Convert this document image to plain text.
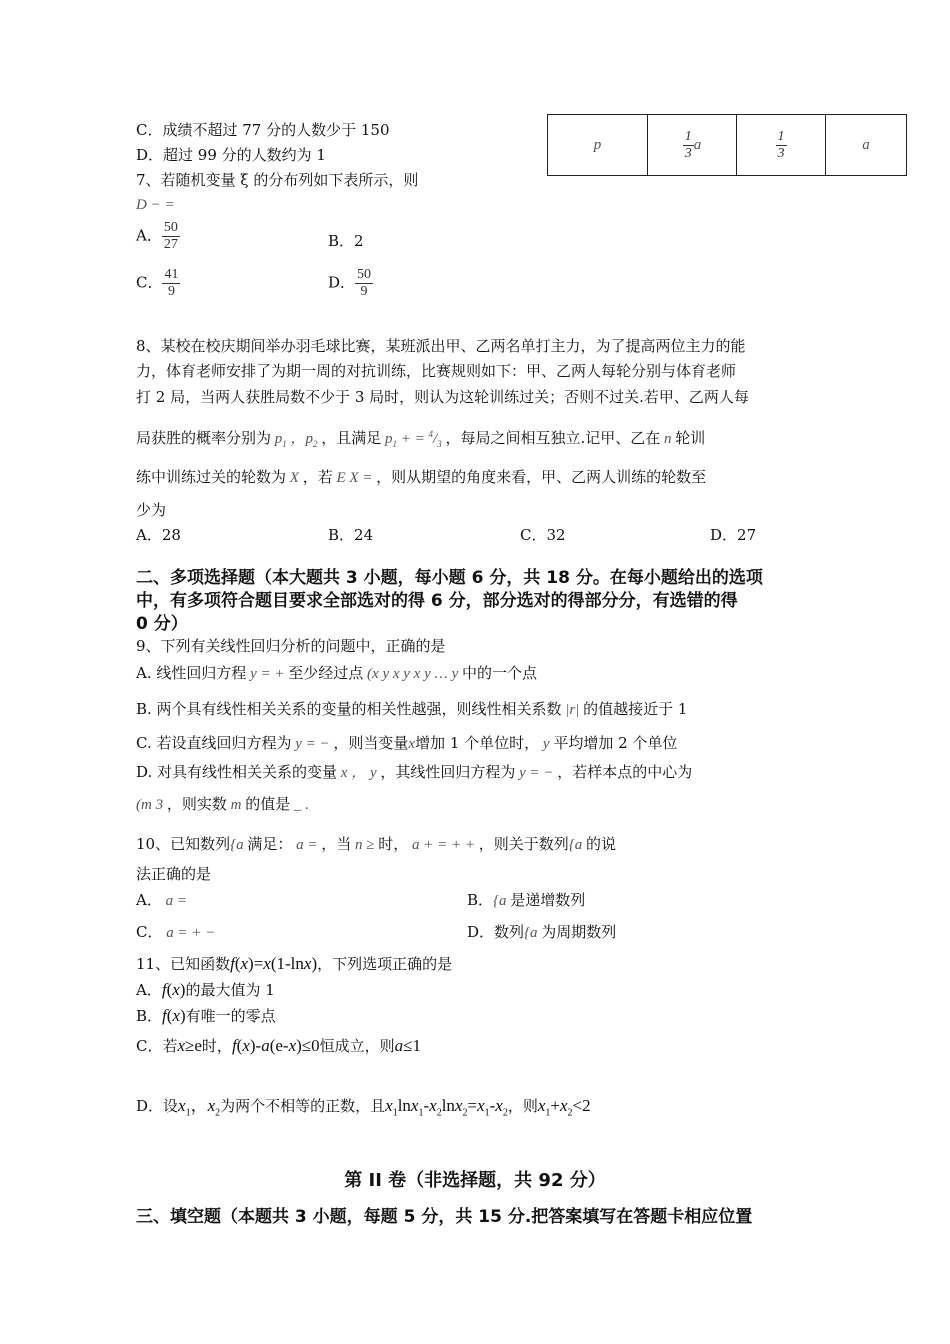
p	$\frac{1}{3}$ a	$\frac{1}{3}$	a
C．成绩不超过 77 分的人数少于 150
D．超过 99 分的人数约为 1
7、若随机变量 ξ 的分布列如下表所示，则
D − =
A． $\frac{50}{27}$	B．2
C． $\frac{41}{9}$	D． $\frac{50}{9}$
8、某校在校庆期间举办羽毛球比赛，某班派出甲、乙两名单打主力，为了提高两位主力的能
力，体育老师安排了为期一周的对抗训练，比赛规则如下：甲、乙两人每轮分别与体育老师
打 2 局，当两人获胜局数不少于 3 局时，则认为这轮训练过关；否则不过关.若甲、乙两人每
局获胜的概率分别为 $p_1$ ，$p_2$ ，且满足 $p_1$ + = $^4/_3$ ，每局之间相互独立.记甲、乙在 n 轮训
练中训练过关的轮数为 X ，若 E X = ，则从期望的角度来看，甲、乙两人训练的轮数至
少为
A．28	B．24	C．32	D．27
二、多项选择题（本大题共 3 小题，每小题 6 分，共 18 分。在每小题给出的选项
中，有多项符合题目要求全部选对的得 6 分，部分选对的得部分分，有选错的得
0 分）
9、下列有关线性回归分析的问题中，正确的是
A. 线性回归方程 y = + 至少经过点 (x y x y x y … y 中的一个点
B. 两个具有线性相关关系的变量的相关性越强，则线性相关系数 |r| 的值越接近于 1
C. 若设直线回归方程为 y = − ，则当变量x增加 1 个单位时， y 平均增加 2 个单位
D. 对具有线性相关关系的变量 x ， y ，其线性回归方程为 y = − ，若样本点的中心为
(m 3 ，则实数 m 的值是 _ .
10、已知数列{a 满足： a = ，当 n ≥ 时， a + = + + ，则关于数列{a 的说
法正确的是
A． a =	B．{a 是递增数列
C． a = + −	D．数列{a 为周期数列
11、已知函数f(x)=x(1-lnx)，下列选项正确的是
A．f(x)的最大值为 1
B．f(x)有唯一的零点
C．若x≥e时，f(x)-a(e-x)≤0恒成立，则a≤1
D．设$x_1$，$x_2$为两个不相等的正数，且$x_1\ln x_1-x_2\ln x_2=x_1-x_2$，则$x_1+x_2<2$
第 II 卷（非选择题，共 92 分）
三、填空题（本题共 3 小题，每题 5 分，共 15 分.把答案填写在答题卡相应位置
